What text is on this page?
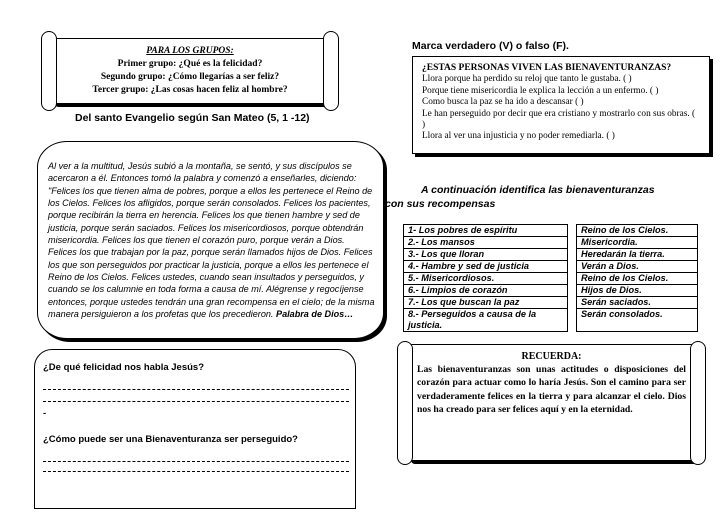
PARA LOS GRUPOS:
Primer grupo: ¿Qué es la felicidad?
Segundo grupo: ¿Cómo llegarías a ser feliz?
Tercer grupo: ¿Las cosas hacen feliz al hombre?
Del santo Evangelio según San Mateo (5, 1 -12)

Al ver a la multitud, Jesús subió a la montaña, se sentó, y sus discípulos se acercaron a él. Entonces tomó la palabra y comenzó a enseñarles, diciendo: "Felices los que tienen alma de pobres, porque a ellos les pertenece el Reino de los Cielos. Felices los afligidos, porque serán consolados. Felices los pacientes, porque recibirán la tierra en herencia. Felices los que tienen hambre y sed de justicia, porque serán saciados. Felices los misericordiosos, porque obtendrán misericordia. Felices los que tienen el corazón puro, porque verán a Dios. Felices los que trabajan por la paz, porque serán llamados hijos de Dios. Felices los que son perseguidos por practicar la justicia, porque a ellos les pertenece el Reino de los Cielos. Felices ustedes, cuando sean insultados y perseguidos, y cuando se los calumnie en toda forma a causa de mí. Alégrense y regocíjense entonces, porque ustedes tendrán una gran recompensa en el cielo; de la misma manera persiguieron a los profetas que los precedieron. Palabra de Dios…

¿De qué felicidad nos habla Jesús?
-
¿Cómo puede ser una Bienaventuranza ser perseguido?
Marca verdadero (V) o falso (F).
¿ESTAS PERSONAS VIVEN LAS BIENAVENTURANZAS?
Llora porque ha perdido su reloj que tanto le gustaba. ( )
Porque tiene misericordia le explica la lección a un enfermo. ( )
Como busca la paz se ha ido a descansar ( )
Le han perseguido por decir que era cristiano y mostrarlo con sus obras. ( )
Llora al ver una injusticia y no poder remediarla. ( )
A continuación identifica las bienaventuranzas
con sus recompensas
1- Los pobres de espíritu		Reino de los Cielos.
2.- Los mansos		Misericordia.
3.- Los que lloran		Heredarán la tierra.
4.- Hambre y sed de justicia		Verán a Dios.
5.- Misericordiosos.		Reino de los Cielos.
6.- Limpios de corazón		Hijos de Dios.
7.- Los que buscan la paz		Serán saciados.
8.- Perseguidos a causa de la justicia.		Serán consolados.
RECUERDA:
Las bienaventuranzas son unas actitudes o disposiciones del corazón para actuar como lo haría Jesús. Son el camino para ser verdaderamente felices en la tierra y para alcanzar el cielo. Dios nos ha creado para ser felices aquí y en la eternidad.
